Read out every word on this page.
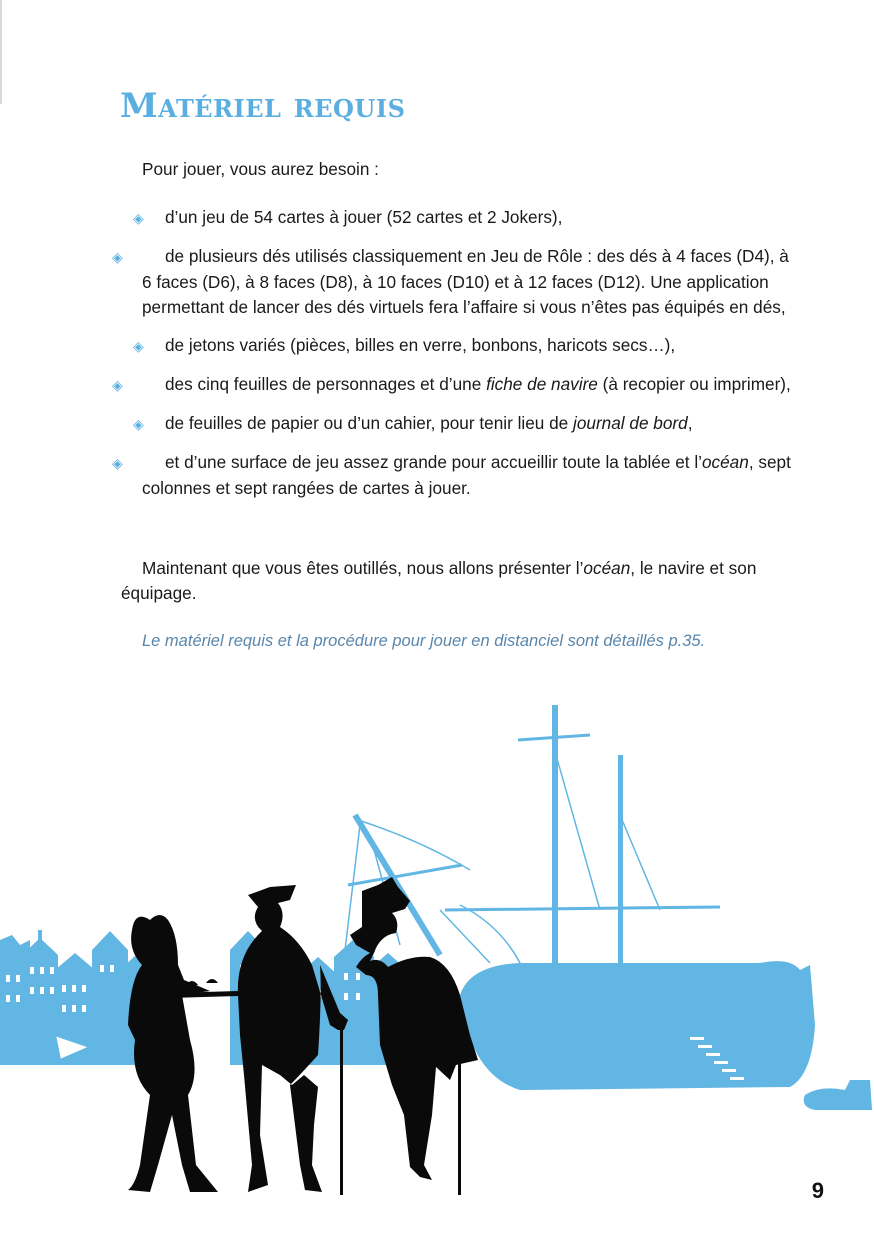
Matériel requis

Pour jouer, vous aurez besoin :

◈ d’un jeu de 54 cartes à jouer (52 cartes et 2 Jokers),
◈ de plusieurs dés utilisés classiquement en Jeu de Rôle : des dés à 4 faces (D4), à 6 faces (D6), à 8 faces (D8), à 10 faces (D10) et à 12 faces (D12). Une application permettant de lancer des dés virtuels fera l’affaire si vous n’êtes pas équipés en dés,
◈ de jetons variés (pièces, billes en verre, bonbons, haricots secs…),
◈ des cinq feuilles de personnages et d’une fiche de navire (à recopier ou imprimer),
◈ de feuilles de papier ou d’un cahier, pour tenir lieu de journal de bord,
◈ et d’une surface de jeu assez grande pour accueillir toute la tablée et l’océan, sept colonnes et sept rangées de cartes à jouer.

Maintenant que vous êtes outillés, nous allons présenter l’océan, le navire et son équipage.

Le matériel requis et la procédure pour jouer en distanciel sont détaillés p.35.

9
